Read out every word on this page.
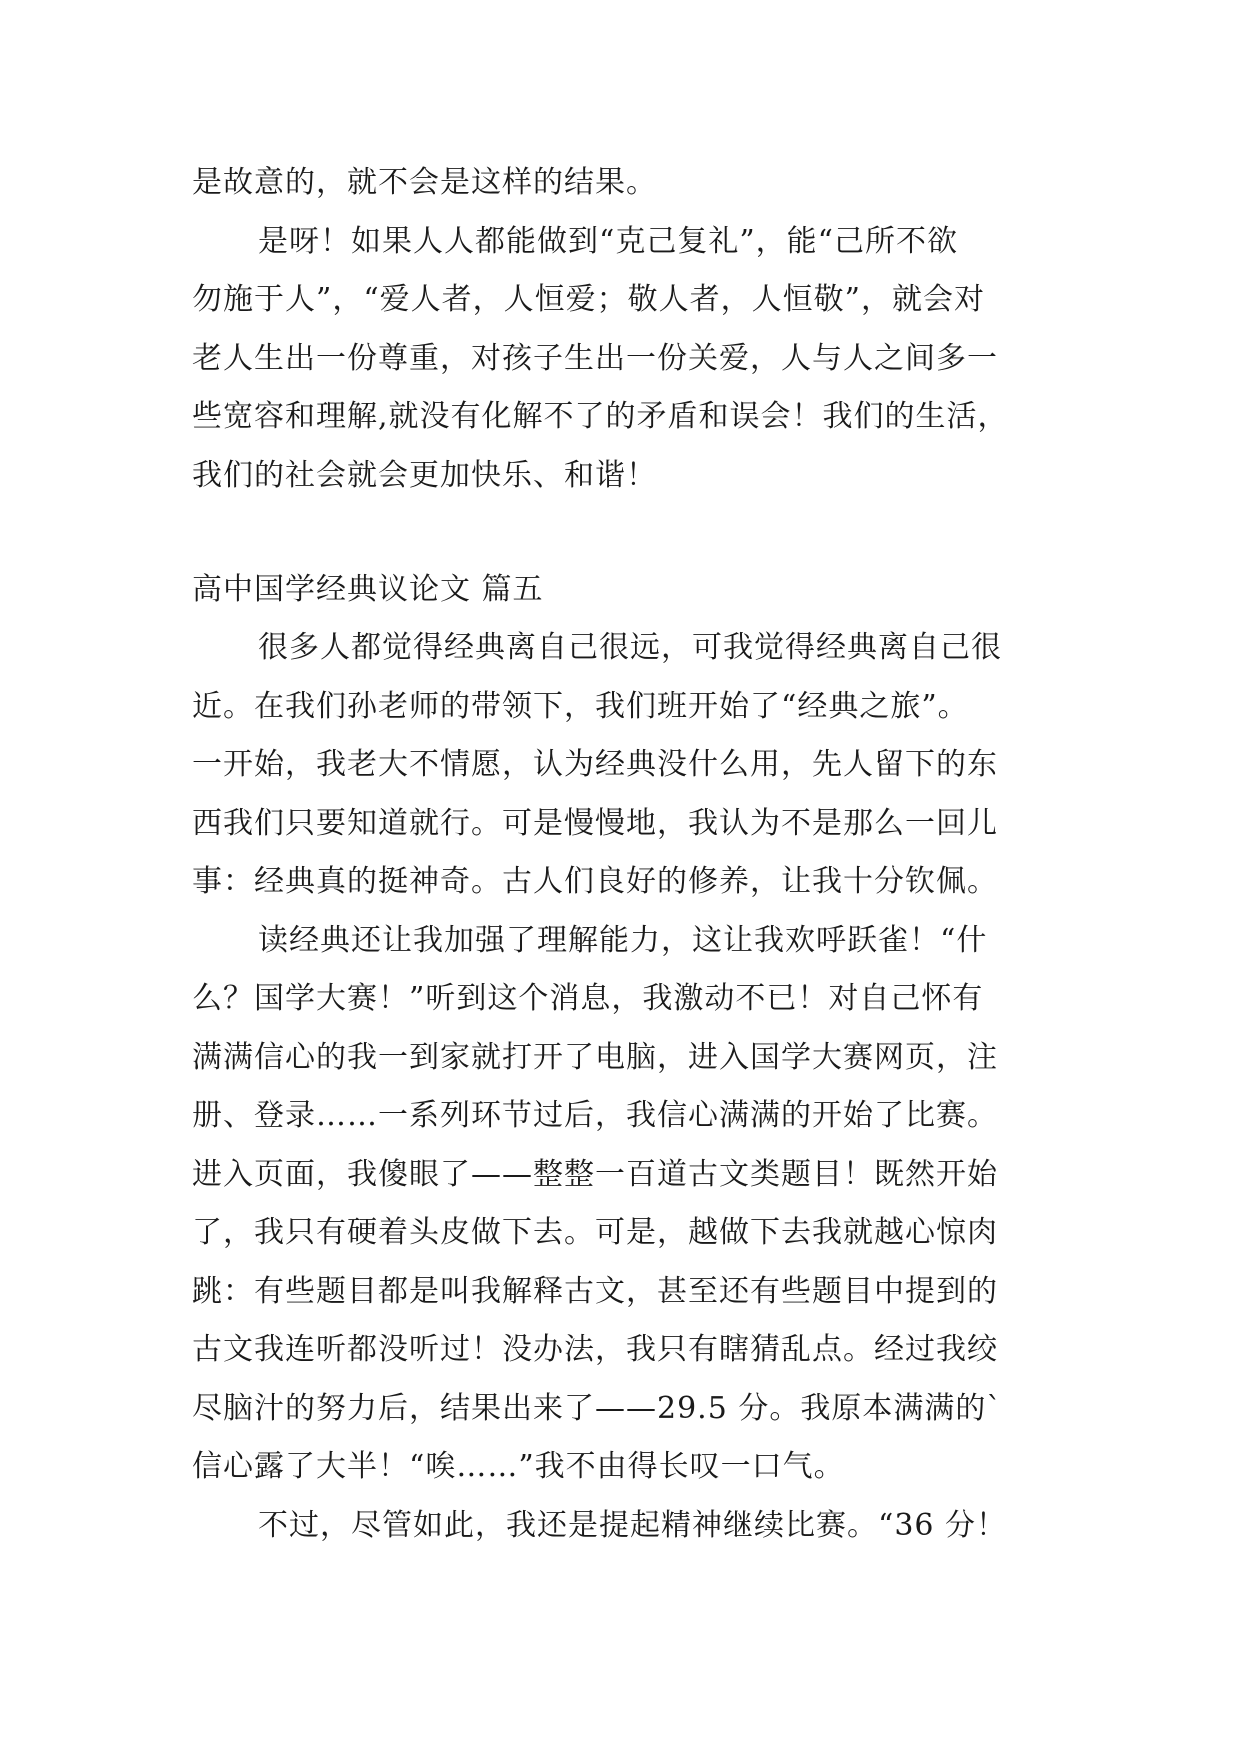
是故意的，就不会是这样的结果。
是呀！如果人人都能做到“克己复礼”，能“己所不欲
勿施于人”，“爱人者，人恒爱；敬人者，人恒敬”，就会对
老人生出一份尊重，对孩子生出一份关爱，人与人之间多一
些宽容和理解,就没有化解不了的矛盾和误会！我们的生活，
我们的社会就会更加快乐、和谐！
高中国学经典议论文 篇五
很多人都觉得经典离自己很远，可我觉得经典离自己很
近。在我们孙老师的带领下，我们班开始了“经典之旅”。
一开始，我老大不情愿，认为经典没什么用，先人留下的东
西我们只要知道就行。可是慢慢地，我认为不是那么一回儿
事：经典真的挺神奇。古人们良好的修养，让我十分钦佩。
读经典还让我加强了理解能力，这让我欢呼跃雀！“什
么？国学大赛！”听到这个消息，我激动不已！对自己怀有
满满信心的我一到家就打开了电脑，进入国学大赛网页，注
册、登录……一系列环节过后，我信心满满的开始了比赛。
进入页面，我傻眼了——整整一百道古文类题目！既然开始
了，我只有硬着头皮做下去。可是，越做下去我就越心惊肉
跳：有些题目都是叫我解释古文，甚至还有些题目中提到的
古文我连听都没听过！没办法，我只有瞎猜乱点。经过我绞
尽脑汁的努力后，结果出来了——29.5 分。我原本满满的`
信心露了大半！“唉……”我不由得长叹一口气。
不过，尽管如此，我还是提起精神继续比赛。“36 分！
